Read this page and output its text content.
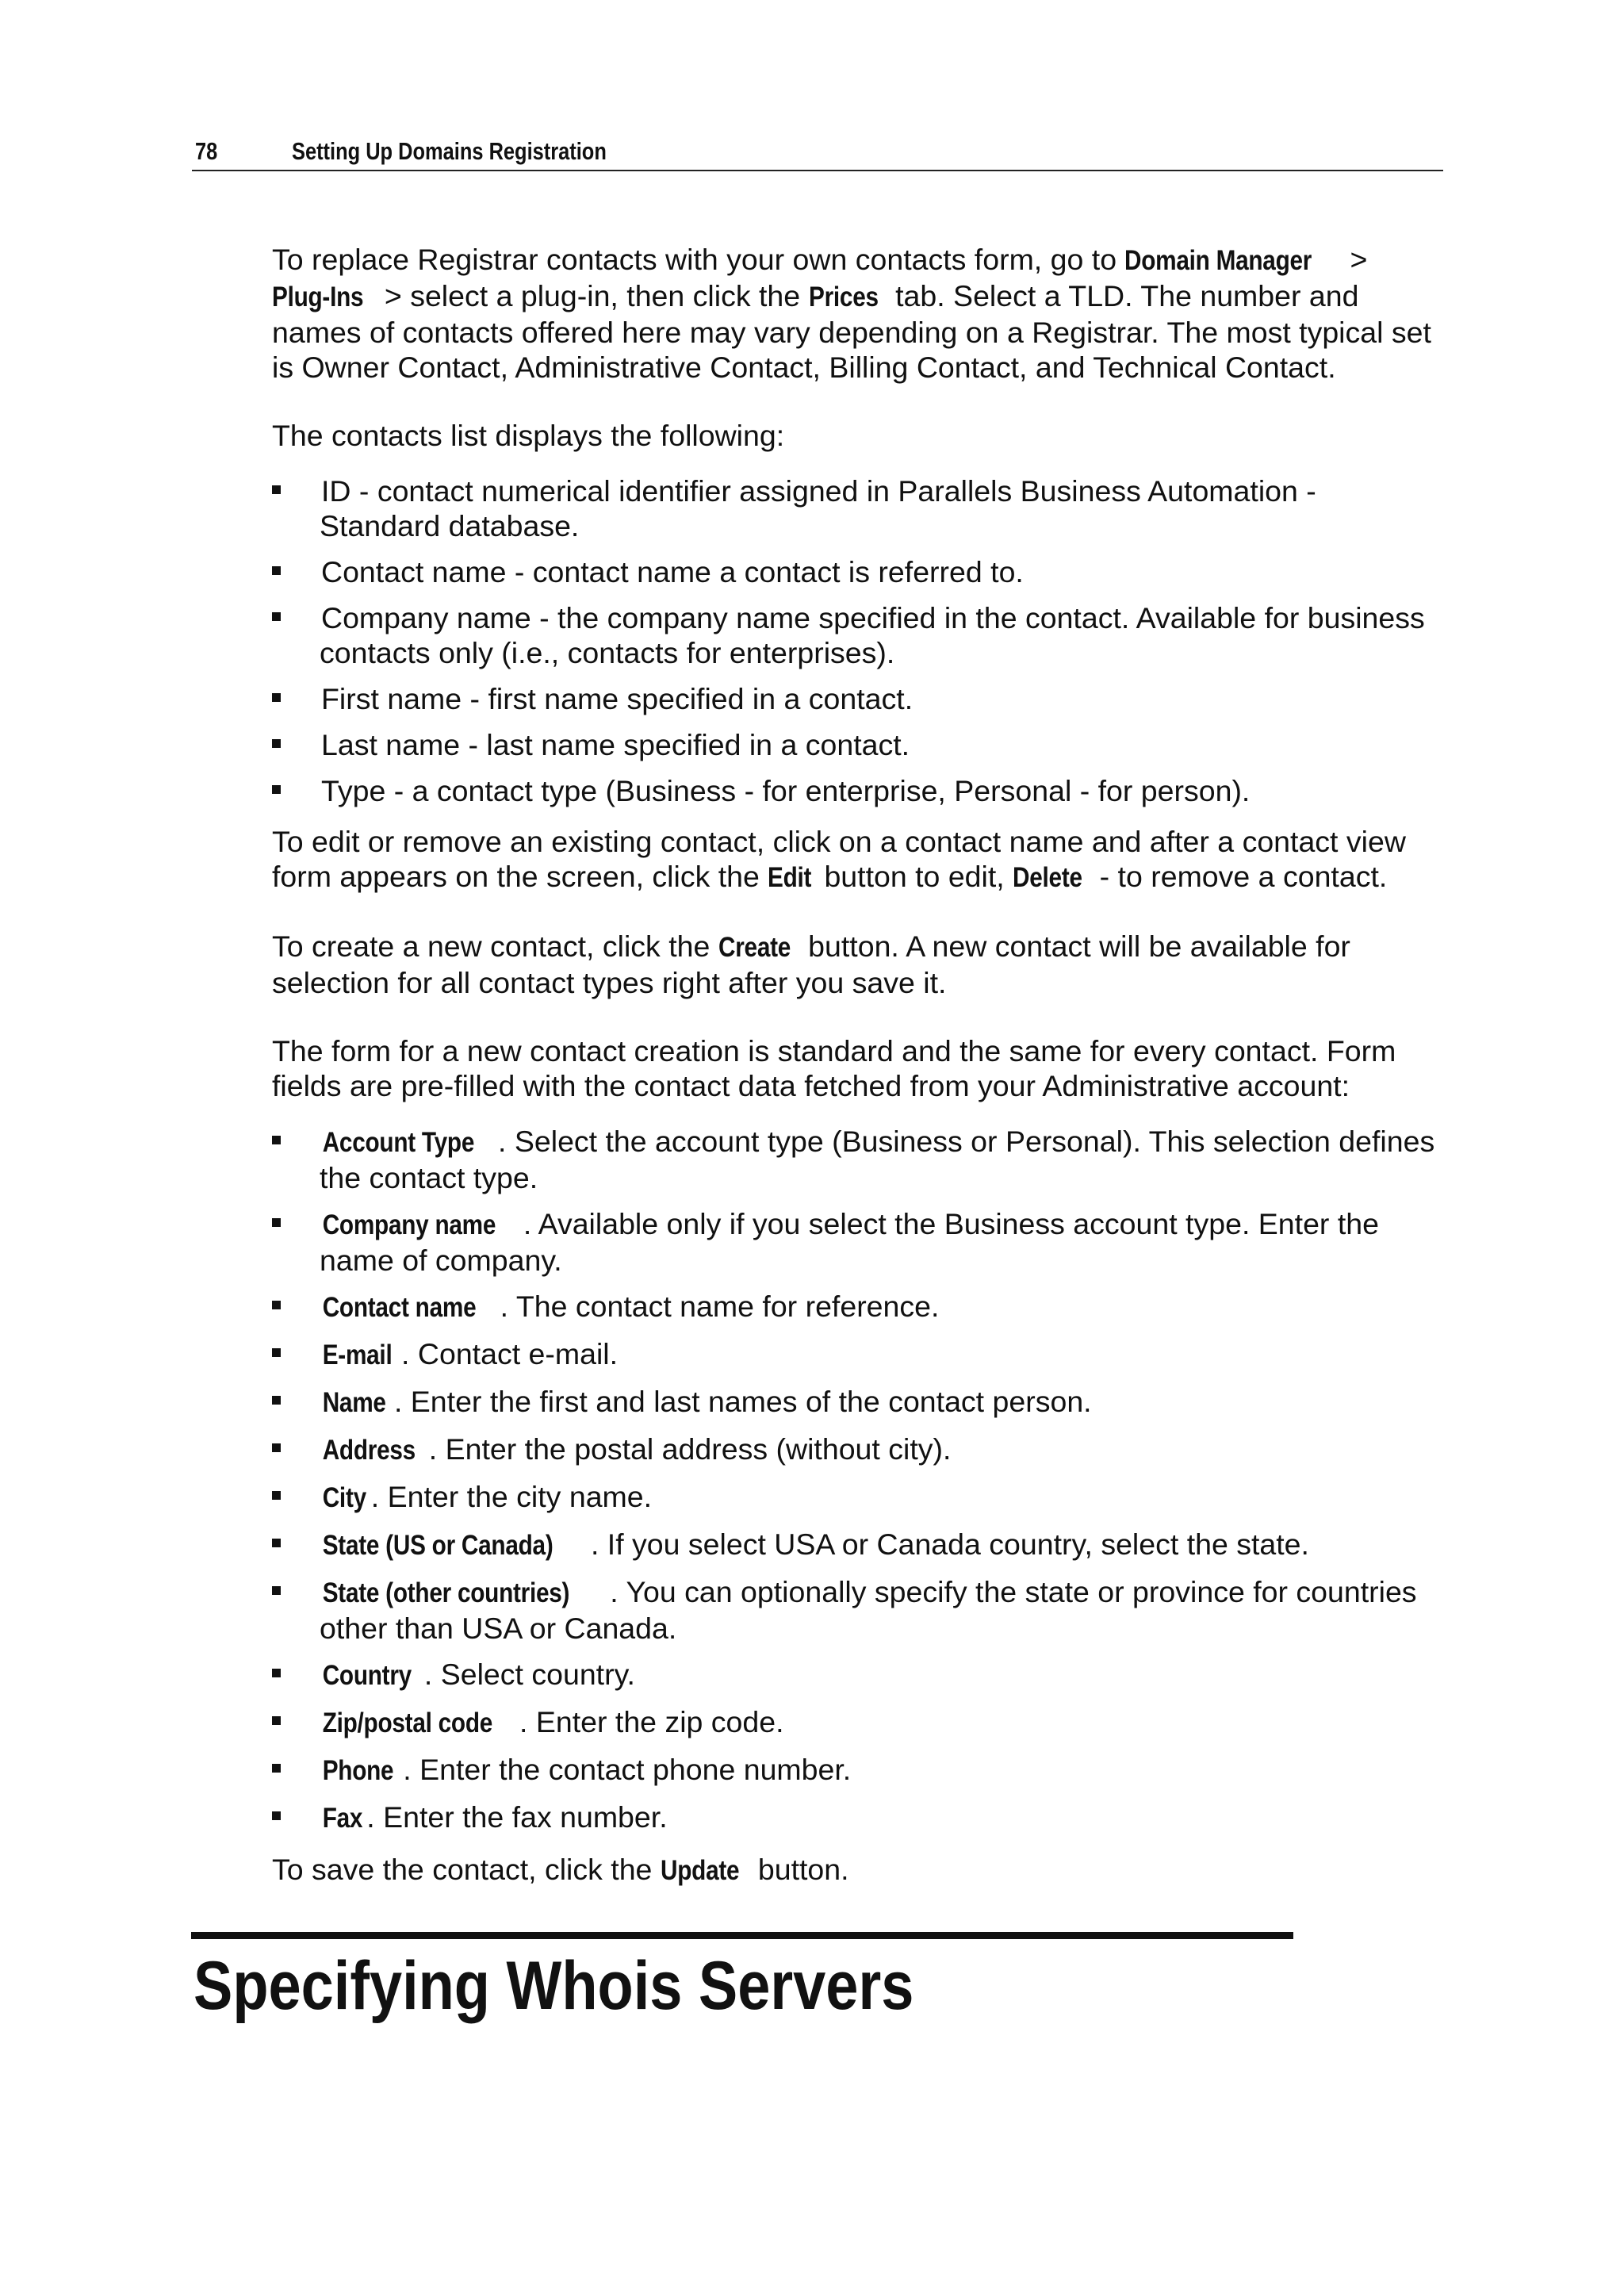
78	Setting Up Domains Registration

To replace Registrar contacts with your own contacts form, go to Domain Manager > Plug-Ins > select a plug-in, then click the Prices tab. Select a TLD. The number and names of contacts offered here may vary depending on a Registrar. The most typical set is Owner Contact, Administrative Contact, Billing Contact, and Technical Contact.

The contacts list displays the following:

ID - contact numerical identifier assigned in Parallels Business Automation - Standard database.
Contact name - contact name a contact is referred to.
Company name - the company name specified in the contact. Available for business contacts only (i.e., contacts for enterprises).
First name - first name specified in a contact.
Last name - last name specified in a contact.
Type - a contact type (Business - for enterprise, Personal - for person).

To edit or remove an existing contact, click on a contact name and after a contact view form appears on the screen, click the Edit button to edit, Delete - to remove a contact.

To create a new contact, click the Create button. A new contact will be available for selection for all contact types right after you save it.

The form for a new contact creation is standard and the same for every contact. Form fields are pre-filled with the contact data fetched from your Administrative account:

Account Type . Select the account type (Business or Personal). This selection defines the contact type.
Company name . Available only if you select the Business account type. Enter the name of company.
Contact name . The contact name for reference.
E-mail . Contact e-mail.
Name . Enter the first and last names of the contact person.
Address . Enter the postal address (without city).
City . Enter the city name.
State (US or Canada) . If you select USA or Canada country, select the state.
State (other countries) . You can optionally specify the state or province for countries other than USA or Canada.
Country . Select country.
Zip/postal code . Enter the zip code.
Phone . Enter the contact phone number.
Fax . Enter the fax number.

To save the contact, click the Update button.

Specifying Whois Servers
